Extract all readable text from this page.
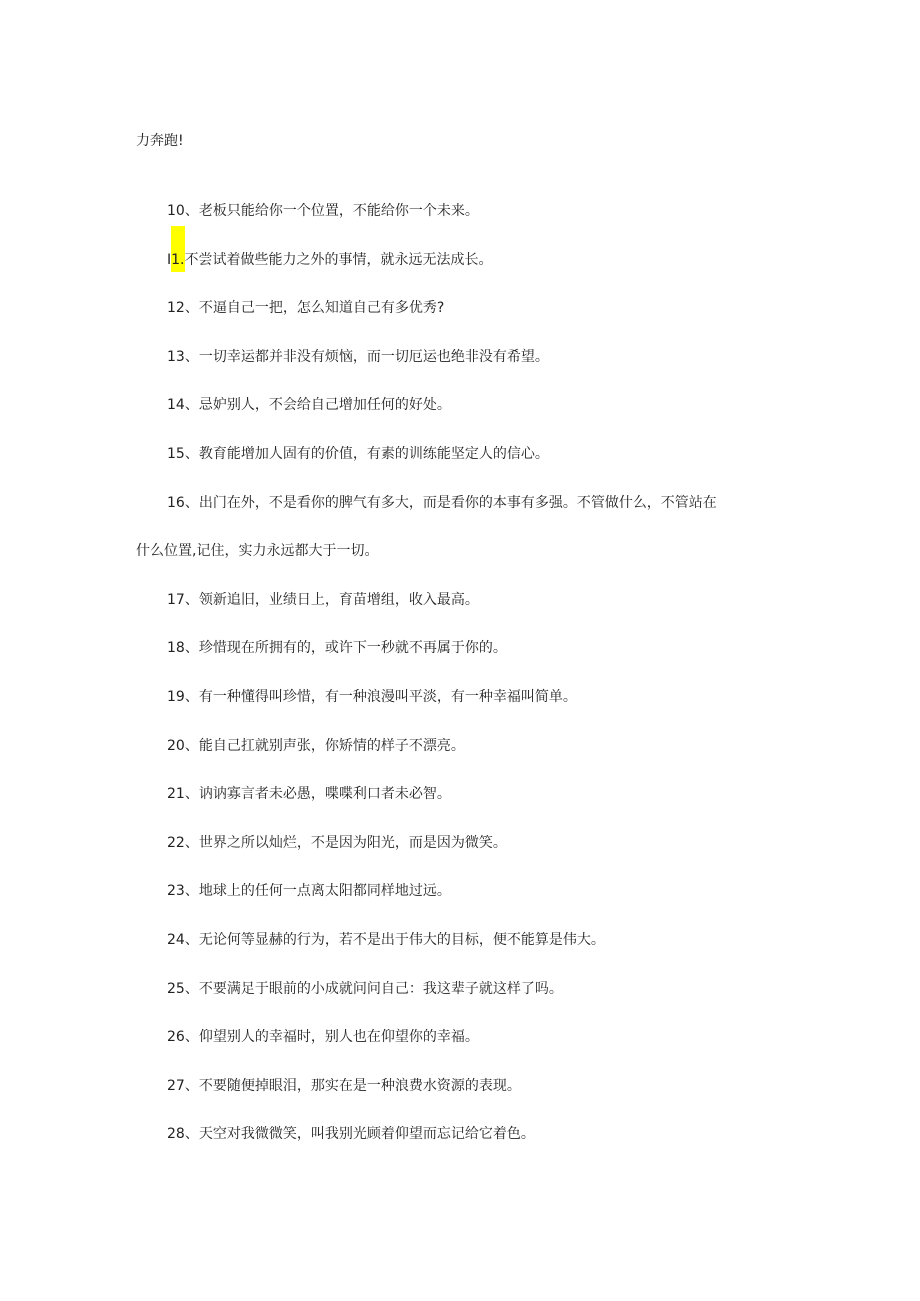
力奔跑!
10、老板只能给你一个位置，不能给你一个未来。
I1.不尝试着做些能力之外的事情，就永远无法成长。
12、不逼自己一把，怎么知道自己有多优秀?
13、一切幸运都并非没有烦恼，而一切厄运也绝非没有希望。
14、忌妒别人，不会给自己增加任何的好处。
15、教育能增加人固有的价值，有素的训练能坚定人的信心。
16、出门在外，不是看你的脾气有多大，而是看你的本事有多强。不管做什么，不管站在
什么位置,记住，实力永远都大于一切。
17、领新追旧，业绩日上，育苗增组，收入最高。
18、珍惜现在所拥有的，或许下一秒就不再属于你的。
19、有一种懂得叫珍惜，有一种浪漫叫平淡，有一种幸福叫简单。
20、能自己扛就别声张，你矫情的样子不漂亮。
21、讷讷寡言者未必愚，喋喋利口者未必智。
22、世界之所以灿烂，不是因为阳光，而是因为微笑。
23、地球上的任何一点离太阳都同样地过远。
24、无论何等显赫的行为，若不是出于伟大的目标，便不能算是伟大。
25、不要满足于眼前的小成就问问自己：我这辈子就这样了吗。
26、仰望别人的幸福时，别人也在仰望你的幸福。
27、不要随便掉眼泪，那实在是一种浪费水资源的表现。
28、天空对我微微笑，叫我别光顾着仰望而忘记给它着色。
